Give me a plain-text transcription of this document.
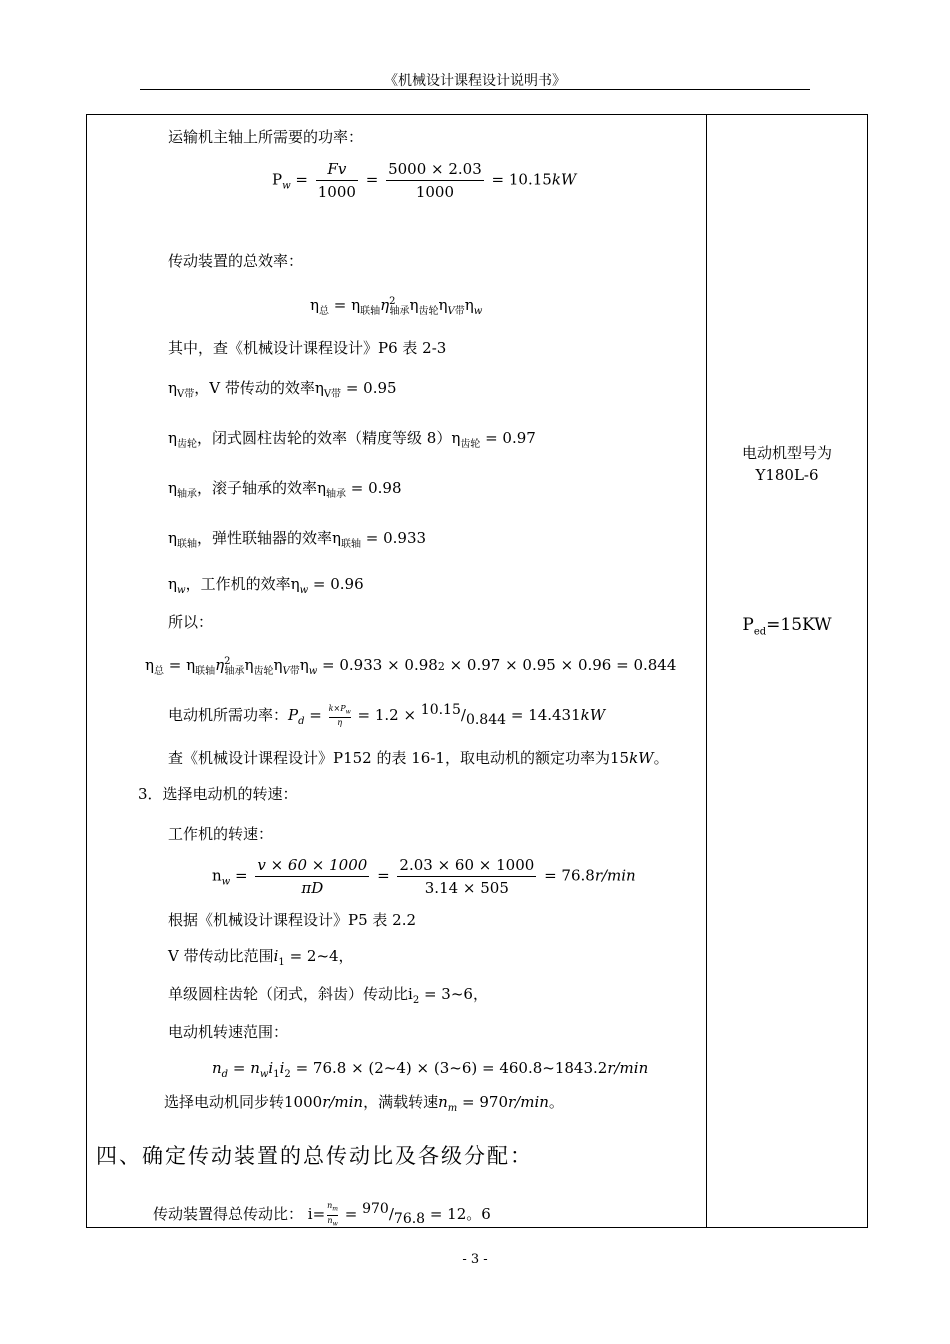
《机械设计课程设计说明书》
运输机主轴上所需要的功率：
$P_w = \frac{Fv}{1000} = \frac{5000 \times 2.03}{1000} = 10.15kW$
传动装置的总效率：
$\eta_总 = \eta_{联轴}\eta^2_{轴承}\eta_{齿轮}\eta_{V带}\eta_w$
其中，查《机械设计课程设计》P6 表 2-3
$\eta_{V带}$，V 带传动的效率$\eta_{V带} = 0.95$
$\eta_{齿轮}$，闭式圆柱齿轮的效率（精度等级 $8)\eta_{齿轮} = 0.97$
$\eta_{轴承}$，滚子轴承的效率$\eta_{轴承} = 0.98$
$\eta_{联轴}$，弹性联轴器的效率$\eta_{联轴} = 0.933$
$\eta_w$，工作机的效率$\eta_w = 0.96$
所以：
$\eta_总 = \eta_{联轴}\eta^2_{轴承}\eta_{齿轮}\eta_{V带}\eta_w = 0.933 \times 0.982 \times 0.97 \times 0.95 \times 0.96 = 0.844$
电动机所需功率：$P_d = \frac{k\times P_w}{\eta} = 1.2 \times ^{10.15}/_{0.844} = 14.431kW$
查《机械设计课程设计》P152 的表 16-1，取电动机的额定功率为15kW。
3．选择电动机的转速：
工作机的转速：
$n_w = \frac{v \times 60 \times 1000}{\pi D} = \frac{2.03 \times 60 \times 1000}{3.14 \times 505} = 76.8r/\min$
根据《机械设计课程设计》P5 表 2.2
V 带传动比范围$i_1$ = 2~4，
单级圆柱齿轮（闭式，斜齿）传动比$i_2$ = 3~6，
电动机转速范围：
$n_d = n_wi_1i_2 = 76.8$ × (2~4) × (3~6) = 460.8~1843.2r/min
选择电动机同步转1000r/min，满载转速$n_m = 970r/\min$。
四、确定传动装置的总传动比及各级分配：
传动装置得总传动比： $i= \frac{n_m}{n_w} = ^{970}/_{76.8} = 12$。6
电动机型号为
Y180L-6
$P_{ed}=15KW$
- 3 -
